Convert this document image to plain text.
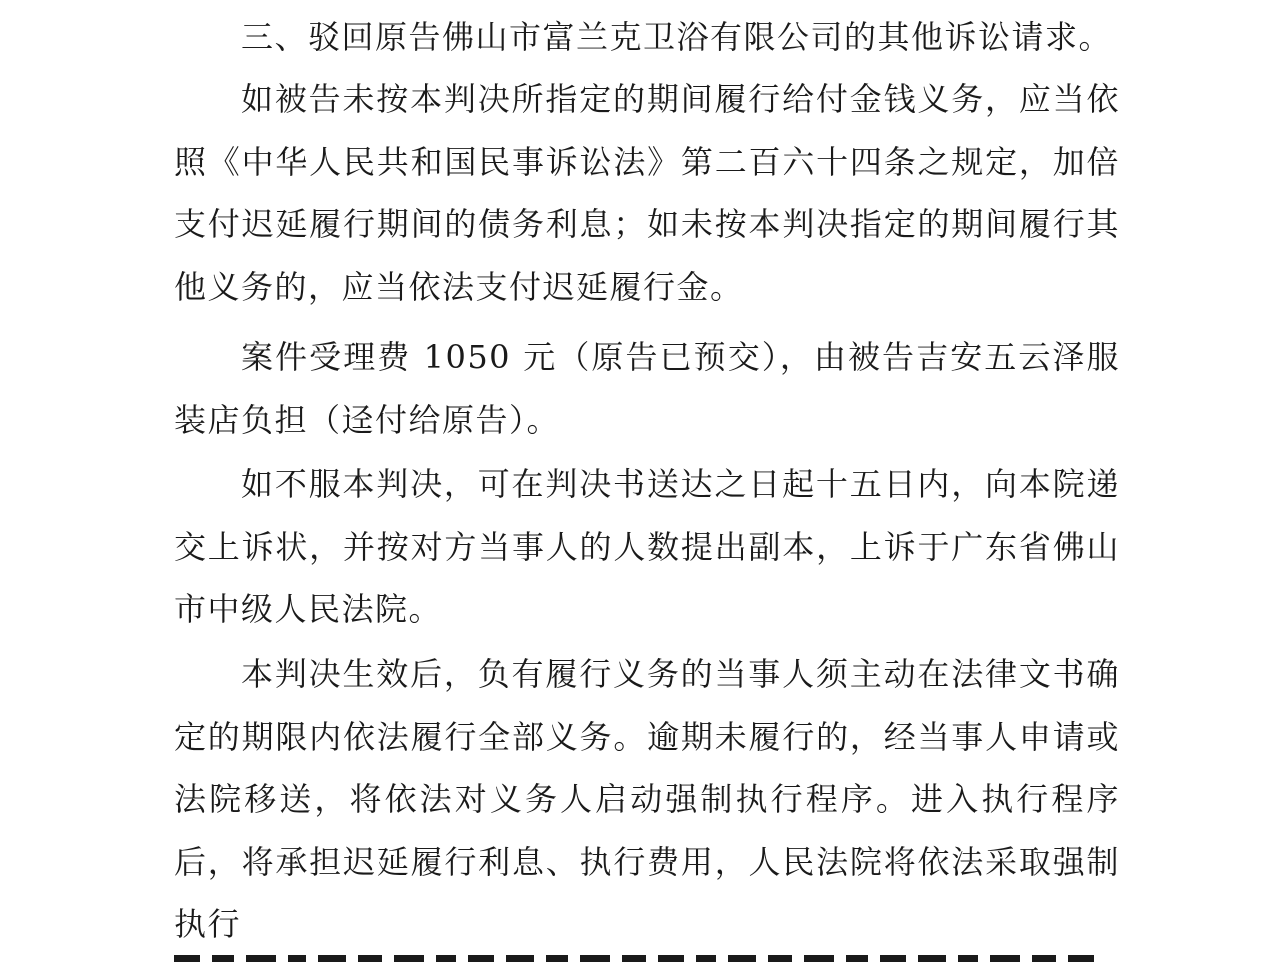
三、驳回原告佛山市富兰克卫浴有限公司的其他诉讼请求。

如被告未按本判决所指定的期间履行给付金钱义务，应当依照《中华人民共和国民事诉讼法》第二百六十四条之规定，加倍支付迟延履行期间的债务利息；如未按本判决指定的期间履行其他义务的，应当依法支付迟延履行金。

案件受理费 1050 元（原告已预交），由被告吉安五云泽服装店负担（迳付给原告）。

如不服本判决，可在判决书送达之日起十五日内，向本院递交上诉状，并按对方当事人的人数提出副本，上诉于广东省佛山市中级人民法院。

本判决生效后，负有履行义务的当事人须主动在法律文书确定的期限内依法履行全部义务。逾期未履行的，经当事人申请或法院移送，将依法对义务人启动强制执行程序。进入执行程序后，将承担迟延履行利息、执行费用，人民法院将依法采取强制执行
